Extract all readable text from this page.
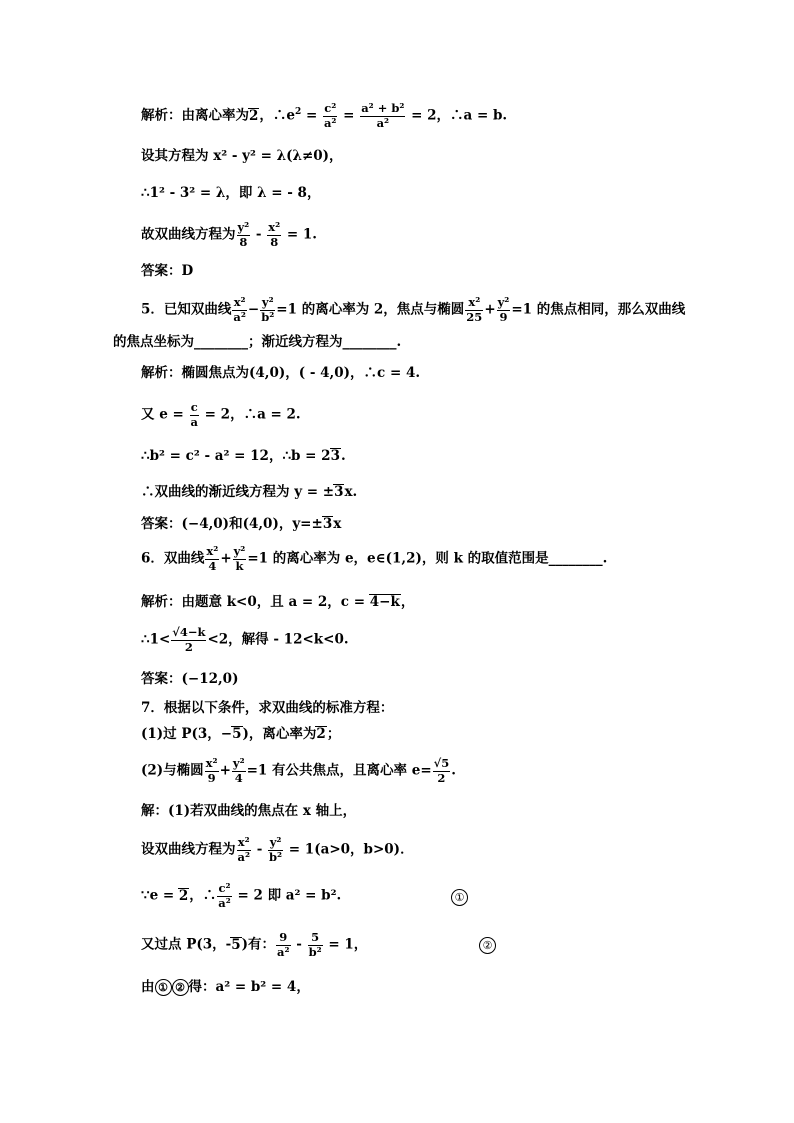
解析：由离心率为2，$\therefore e^2 = \frac{\text{c²}}{\text{a²}} = \frac{\text{a² + b²}}{\text{a²}} = 2$，∴a = b.
设其方程为 x² - y² = λ(λ≠0)，
∴1² - 3² = λ，即 λ = - 8，
故双曲线方程为 $\frac{\text{y²}}{8} - \frac{\text{x²}}{8} = 1$.
答案：D
5．已知双曲线 $\frac{\text{x²}}{\text{a²}} - \frac{\text{y²}}{\text{b²}} =1$ 的离心率为 2，焦点与椭圆 $\frac{\text{x²}}{25} + \frac{\text{y²}}{9} =1$ 的焦点相同，那么双曲线
的焦点坐标为________；渐近线方程为________.
解析：椭圆焦点为(4,0)，( - 4,0)，∴c = 4.
又 $e = \frac{c}{a} = 2$，∴a = 2.
∴b² = c² - a² = 12，∴b = 23.
∴双曲线的渐近线方程为 y = ±3x.
答案：(−4,0)和(4,0)，y=±3x
6．双曲线 $\frac{\text{x²}}{4} + \frac{\text{y²}}{k} =1$ 的离心率为 e，e∈(1,2)，则 k 的取值范围是________.
解析：由题意 k<0，且 a = 2，c = 4−k，
∴1< $\frac{√4-k}{2} <2$，解得 - 12<k<0.
答案：(−12,0)
7．根据以下条件，求双曲线的标准方程：
(1)过 P(3，−5)，离心率为2；
(2)与椭圆 $\frac{\text{x²}}{9} + \frac{\text{y²}}{4} =1$ 有公共焦点，且离心率 $e= \frac{√5}{2}$ .
解：(1)若双曲线的焦点在 x 轴上，
设双曲线方程为 $\frac{\text{x²}}{\text{a²}} - \frac{\text{y²}}{\text{b²}} = 1(a>0$，b>0)．
∵e = 2，∴ $\frac{\text{c²}}{\text{a²}} = 2$ 即 a² = b².	①
又过点 P(3，-5)有： $\frac{9}{\text{a²}} - \frac{5}{\text{b²}} = 1$，	②
由 ① ② 得：a² = b² = 4，
